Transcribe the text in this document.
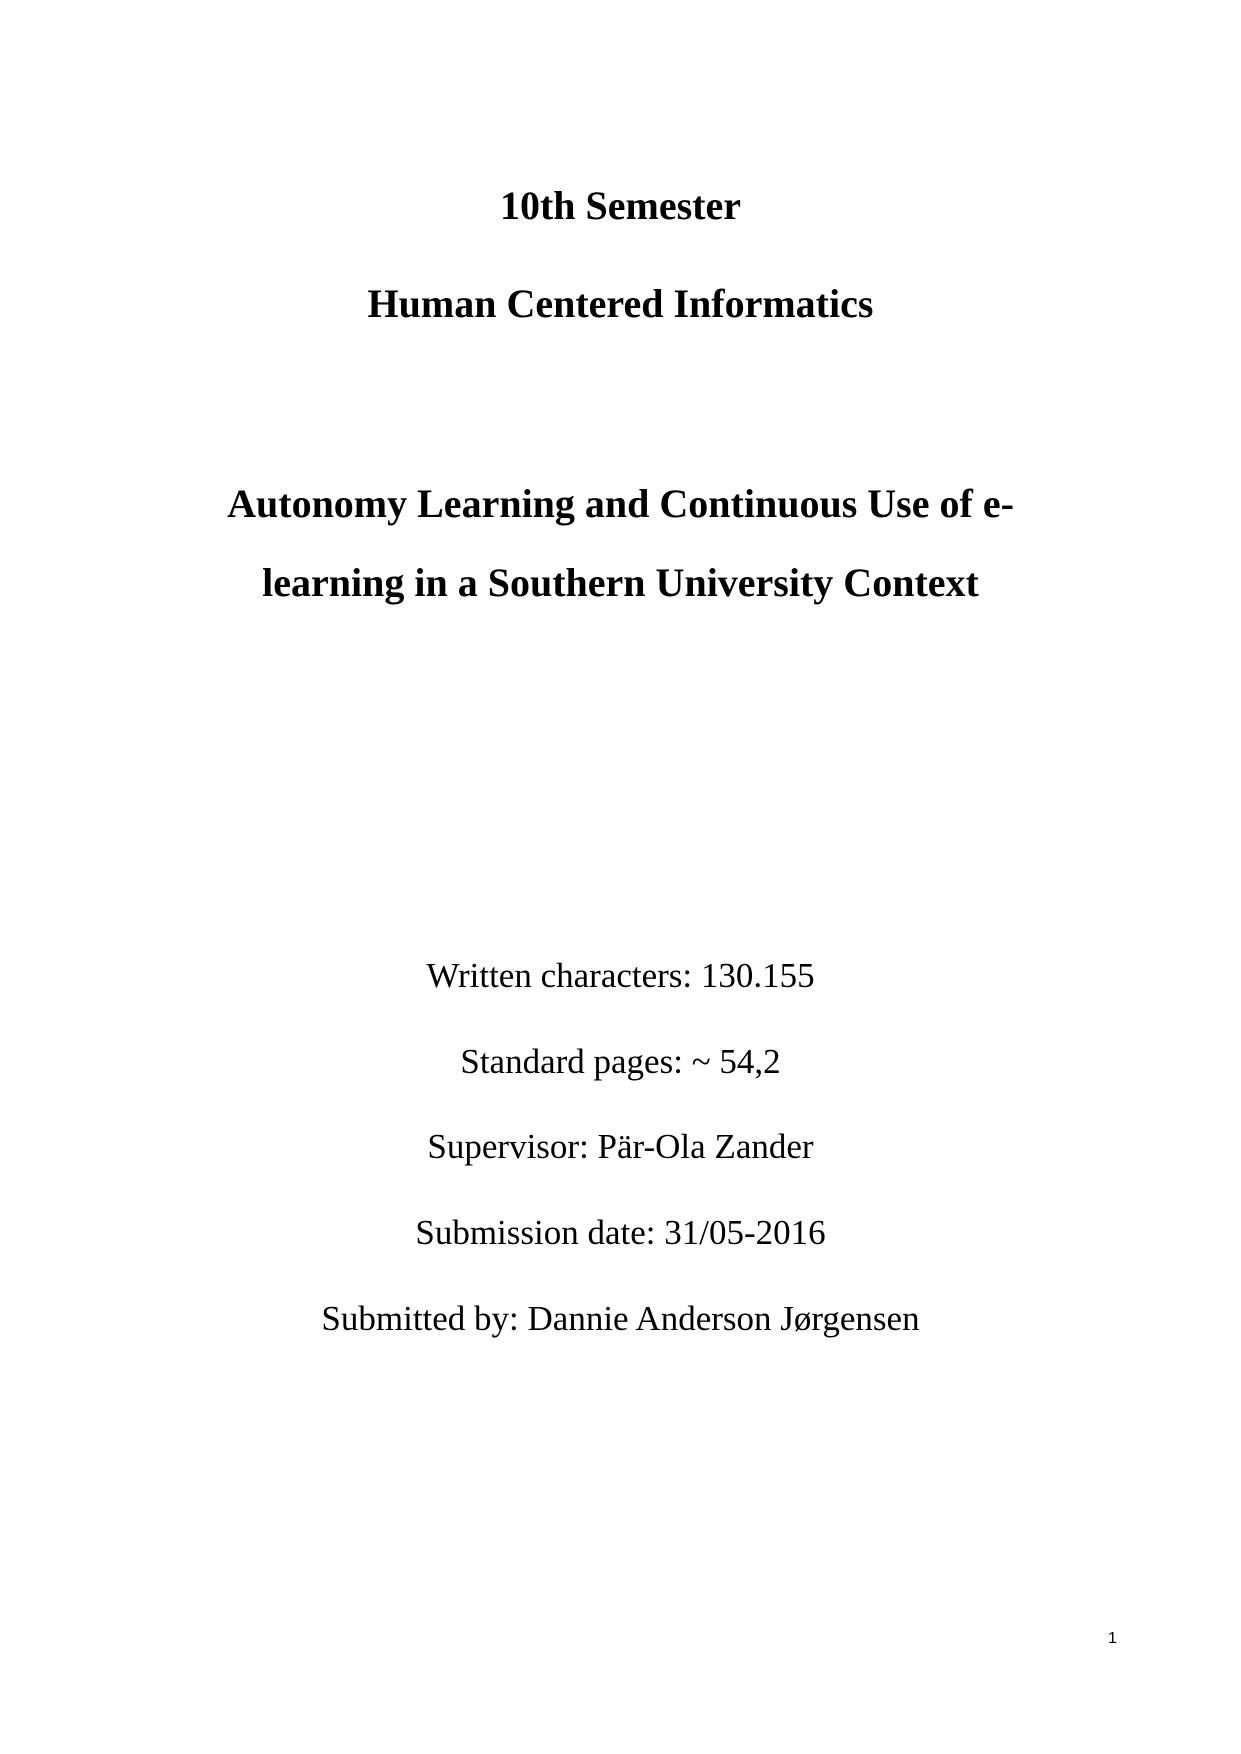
10th Semester
Human Centered Informatics
Autonomy Learning and Continuous Use of e-
learning in a Southern University Context
Written characters: 130.155
Standard pages: ~ 54,2
Supervisor: Pär-Ola Zander
Submission date: 31/05-2016
Submitted by: Dannie Anderson Jørgensen
1
